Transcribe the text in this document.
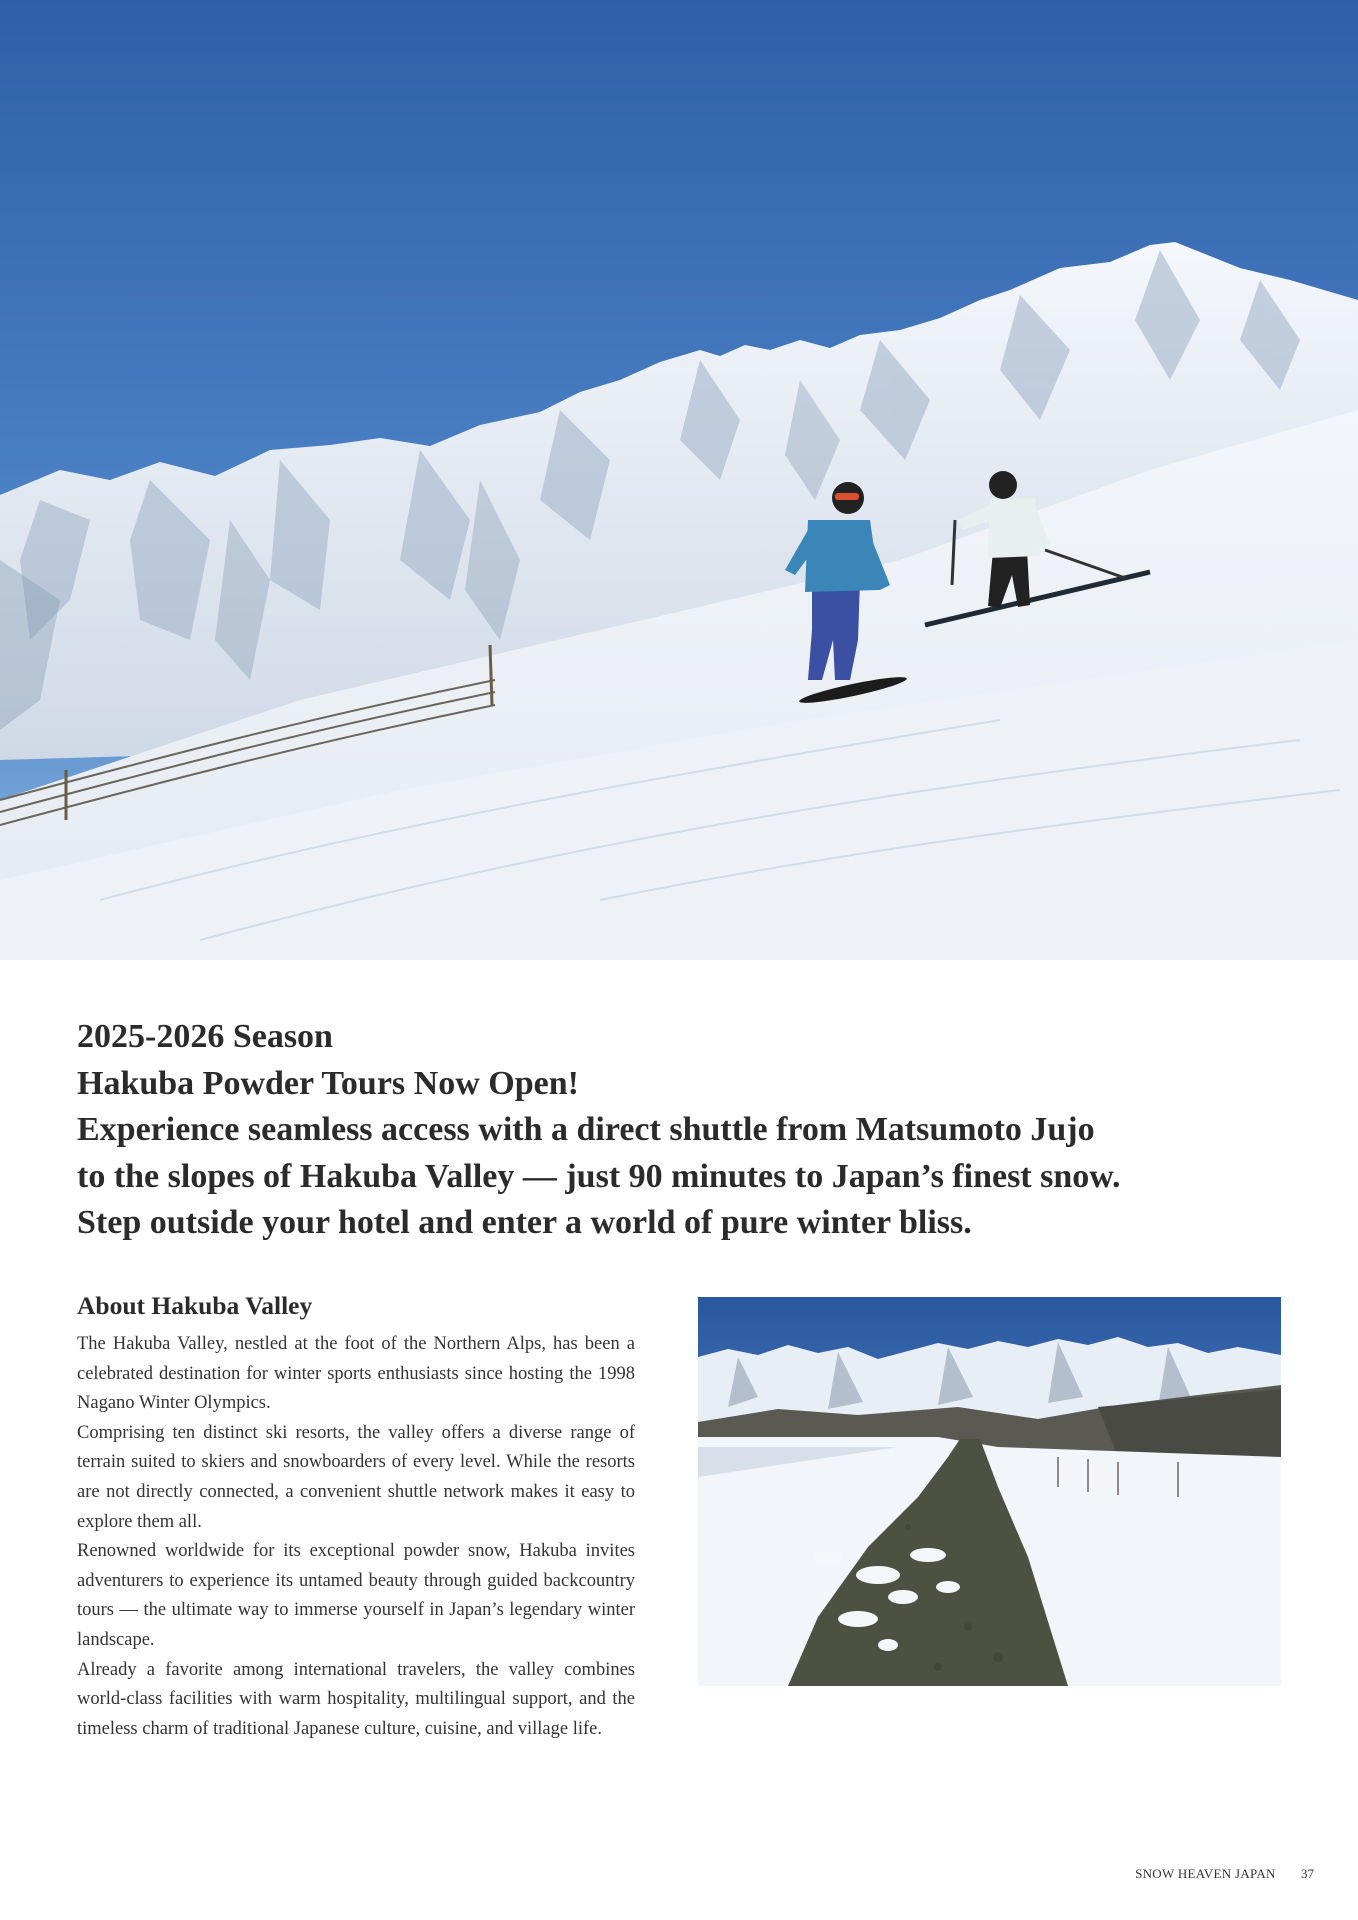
2025-2026 Season
Hakuba Powder Tours Now Open!
Experience seamless access with a direct shuttle from Matsumoto Jujo
to the slopes of Hakuba Valley — just 90 minutes to Japan’s finest snow.
Step outside your hotel and enter a world of pure winter bliss.
About Hakuba Valley

The Hakuba Valley, nestled at the foot of the Northern Alps, has been a celebrated destination for winter sports enthusiasts since hosting the 1998 Nagano Winter Olympics.

Comprising ten distinct ski resorts, the valley offers a diverse range of terrain suited to skiers and snowboarders of every level. While the resorts are not directly connected, a convenient shuttle network makes it easy to explore them all.

Renowned worldwide for its exceptional powder snow, Hakuba invites adventurers to experience its untamed beauty through guided backcountry tours — the ultimate way to immerse yourself in Japan’s legendary winter landscape.

Already a favorite among international travelers, the valley combines world-class facilities with warm hospitality, multilingual support, and the timeless charm of traditional Japanese culture, cuisine, and village life.

SNOW HEAVEN JAPAN 37
